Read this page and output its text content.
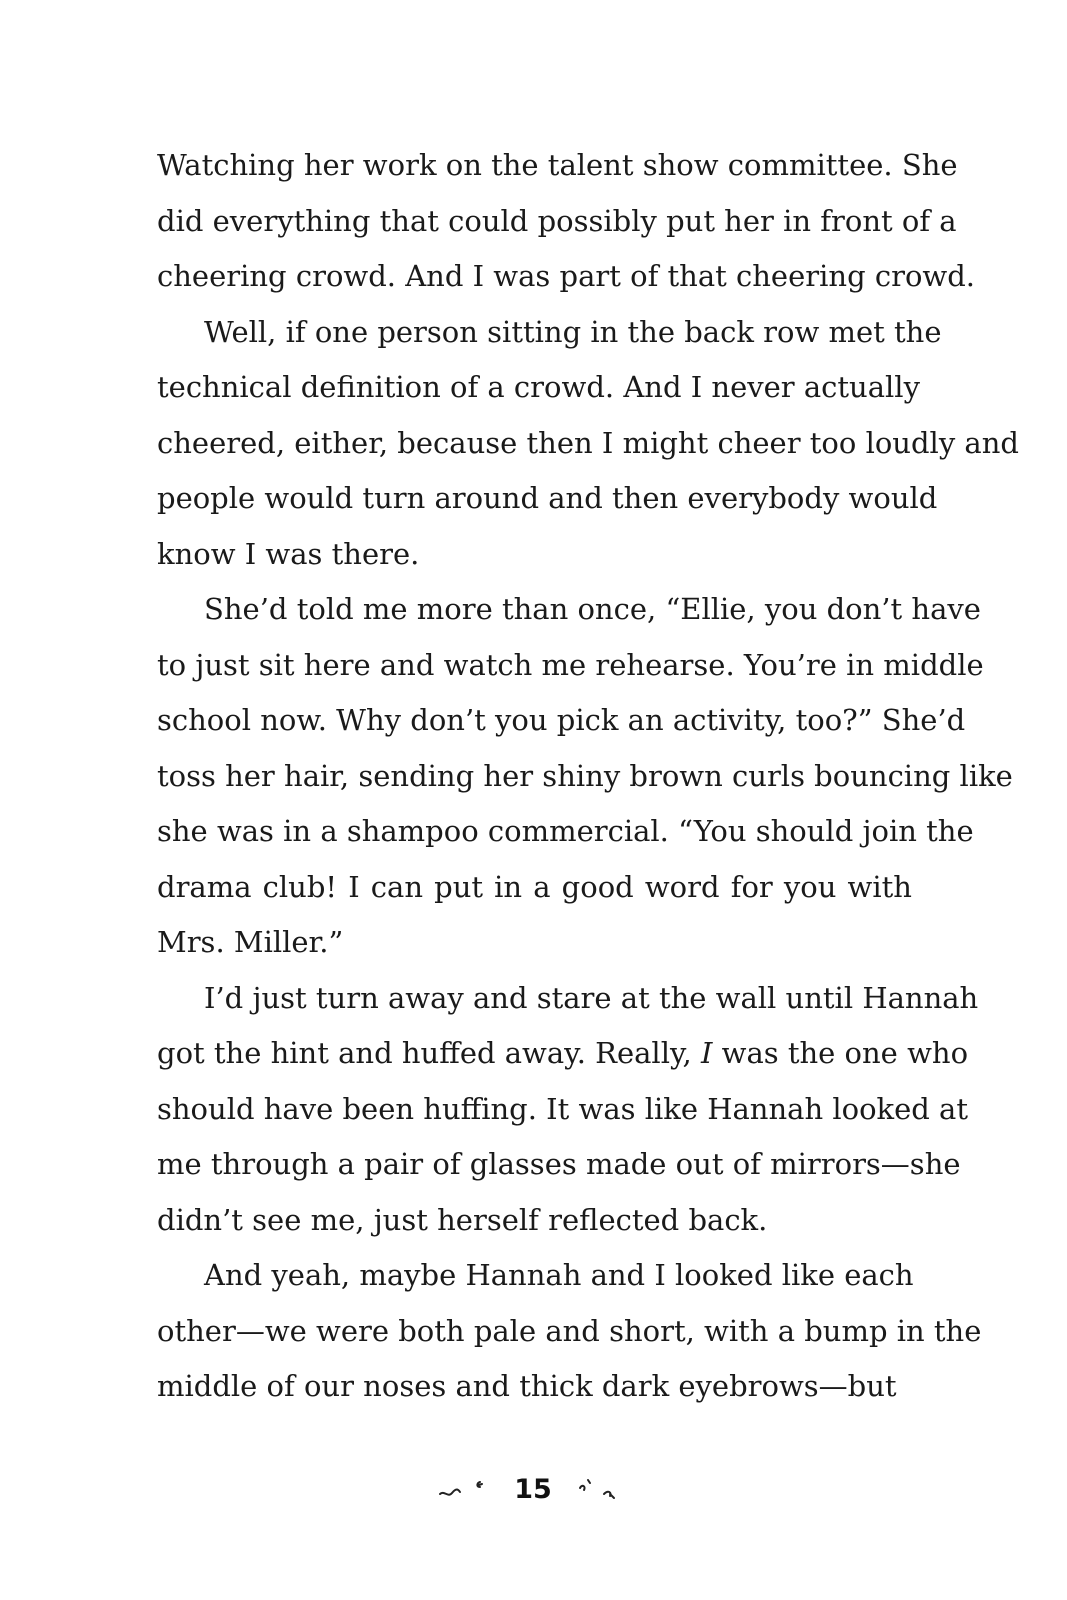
Watching her work on the talent show committee. She
did everything that could possibly put her in front of a
cheering crowd. And I was part of that cheering crowd.
Well, if one person sitting in the back row met the
technical definition of a crowd. And I never actually
cheered, either, because then I might cheer too loudly and
people would turn around and then everybody would
know I was there.
She’d told me more than once, “Ellie, you don’t have
to just sit here and watch me rehearse. You’re in middle
school now. Why don’t you pick an activity, too?” She’d
toss her hair, sending her shiny brown curls bouncing like
she was in a shampoo commercial. “You should join the
drama club! I can put in a good word for you with
Mrs. Miller.”
I’d just turn away and stare at the wall until Hannah
got the hint and huffed away. Really, I was the one who
should have been huffing. It was like Hannah looked at
me through a pair of glasses made out of mirrors—she
didn’t see me, just herself reflected back.
And yeah, maybe Hannah and I looked like each
other—we were both pale and short, with a bump in the
middle of our noses and thick dark eyebrows—but
15
